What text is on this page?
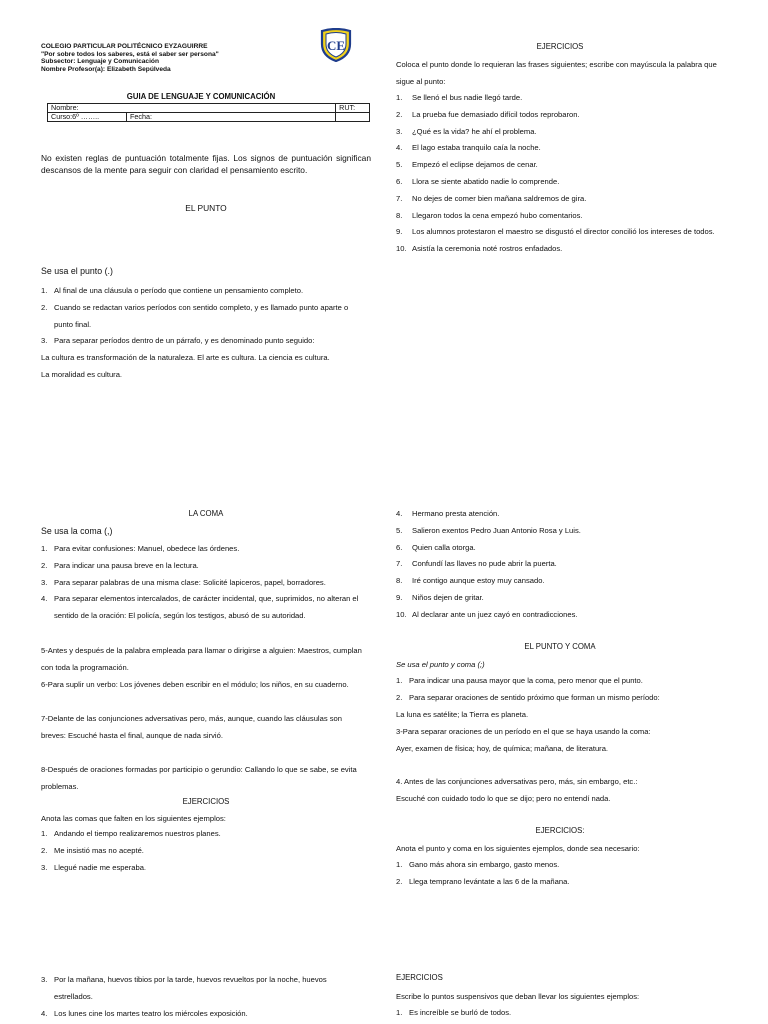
COLEGIO PARTICULAR POLITÉCNICO EYZAGUIRRE
"Por sobre todos los saberes, está el saber ser persona"
Subsector: Lenguaje y Comunicación
Nombre Profesor(a): Elizabeth Sepúlveda
CE
GUIA DE LENGUAJE Y COMUNICACIÓN
Nombre:		RUT:
Curso:6º ……..	Fecha:	
No existen reglas de puntuación totalmente fijas. Los signos de puntuación significan descansos de la mente para seguir con claridad el pensamiento escrito.
EL PUNTO
Se usa el punto (.)
1. Al final de una cláusula o período que contiene un pensamiento completo.
2. Cuando se redactan varios períodos con sentido completo, y es llamado punto aparte o punto final.
3. Para separar períodos dentro de un párrafo, y es denominado punto seguido:

La cultura es transformación de la naturaleza. El arte es cultura. La ciencia es cultura.

La moralidad es cultura.

EJERCICIOS

Coloca el punto donde lo requieran las frases siguientes; escribe con mayúscula la palabra que sigue al punto:

1. Se llenó el bus nadie llegó tarde.
2. La prueba fue demasiado difícil todos reprobaron.
3. ¿Qué es la vida? he ahí el problema.
4. El lago estaba tranquilo caía la noche.
5. Empezó el eclipse dejamos de cenar.
6. Llora se siente abatido nadie lo comprende.
7. No dejes de comer bien mañana saldremos de gira.
8. Llegaron todos la cena empezó hubo comentarios.
9. Los alumnos protestaron el maestro se disgustó el director concilió los intereses de todos.
10. Asistía la ceremonia noté rostros enfadados.
LA COMA
Se usa la coma (,)
1. Para evitar confusiones: Manuel, obedece las órdenes.
2. Para indicar una pausa breve en la lectura.
3. Para separar palabras de una misma clase: Solicité lapiceros, papel, borradores.
4. Para separar elementos intercalados, de carácter incidental, que, suprimidos, no alteran el sentido de la oración: El policía, según los testigos, abusó de su autoridad.

5-Antes y después de la palabra empleada para llamar o dirigirse a alguien: Maestros, cumplan con toda la programación.

6-Para suplir un verbo: Los jóvenes deben escribir en el módulo; los niños, en su cuaderno.

7-Delante de las conjunciones adversativas pero, más, aunque, cuando las cláusulas son breves: Escuché hasta el final, aunque de nada sirvió.

8-Después de oraciones formadas por participio o gerundio: Callando lo que se sabe, se evita problemas.

EJERCICIOS

Anota las comas que falten en los siguientes ejemplos:

1. Andando el tiempo realizaremos nuestros planes.
2. Me insistió mas no acepté.
3. Llegué nadie me esperaba.
3. Por la mañana, huevos tibios por la tarde, huevos revueltos por la noche, huevos estrellados.
4. Los lunes cine los martes teatro los miércoles exposición.
4. Hermano presta atención.
5. Salieron exentos Pedro Juan Antonio Rosa y Luis.
6. Quien calla otorga.
7. Confundí las llaves no pude abrir la puerta.
8. Iré contigo aunque estoy muy cansado.
9. Niños dejen de gritar.
10. Al declarar ante un juez cayó en contradicciones.
EL PUNTO Y COMA
Se usa el punto y coma (;)
1. Para indicar una pausa mayor que la coma, pero menor que el punto.
2. Para separar oraciones de sentido próximo que forman un mismo período:

La luna es satélite; la Tierra es planeta.

3-Para separar oraciones de un período en el que se haya usando la coma:

Ayer, examen de física; hoy, de química; mañana, de literatura.

4. Antes de las conjunciones adversativas pero, más, sin embargo, etc.:

Escuché con cuidado todo lo que se dijo; pero no entendí nada.

EJERCICIOS:

Anota el punto y coma en los siguientes ejemplos, donde sea necesario:

1. Gano más ahora sin embargo, gasto menos.
2. Llega temprano levántate a las 6 de la mañana.
EJERCICIOS

Escribe lo puntos suspensivos que deban llevar los siguientes ejemplos:

1. Es increíble se burló de todos.
